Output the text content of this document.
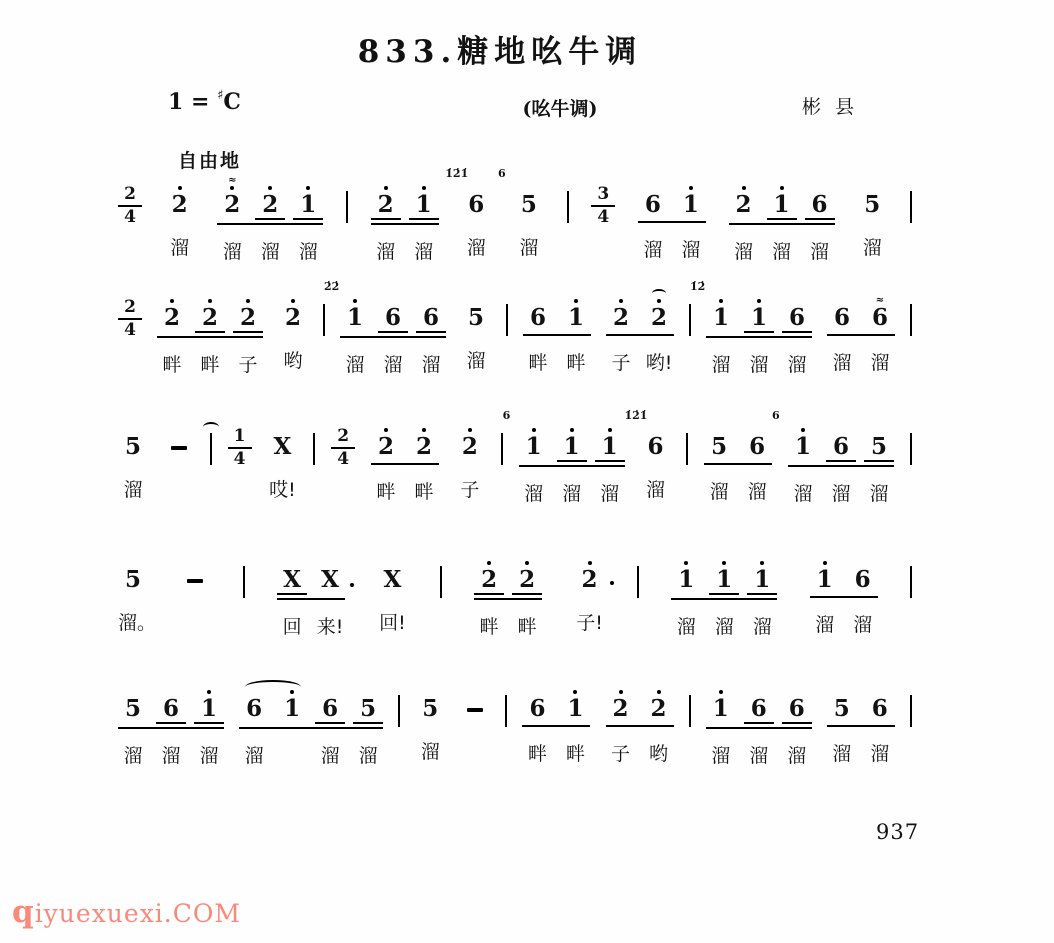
833.糖地吆牛调
1 = ♯C	(吆牛调)	彬县
自由地
$\frac{2}{4}$	2
溜
≈
2 2 1
溜 溜 溜
2 1
溜 溜
6
1̇2̇1̇
溜
5
6
溜
$\frac{3}{4}$	6 1
溜 溜
2 1 6
溜 溜 溜
5
溜
$\frac{2}{4} 2$ 2 2
畔 畔 子
2
哟
1
2̇2̇
6 6
溜 溜 溜
5
溜
6 1
畔 畔
2 2
子 哟!
1
1̇2̇
1 6
溜 溜 溜
6
≈
6
溜 溜
5
溜
$\frac{1}{4}$ X
哎!
$\frac{2}{4} 2$ 2
畔 畔
2
子
1
6
1 1
溜 溜 溜
6
1̇2̇1̇
溜
5 6
溜 溜
1
6
6 5
溜 溜 溜
5
溜。
X X
回 来!
X
回!
2 2
畔 畔
2
子!
1 1 1
溜 溜 溜
1 6
溜 溜
5 6 1
溜 溜 溜
6 1 6 5
溜	溜 溜
5
溜
6 1
畔 畔
2 2
子 哟
1 6 6
溜 溜 溜
5 6
溜 溜
937
qiyuexuexi.COM
